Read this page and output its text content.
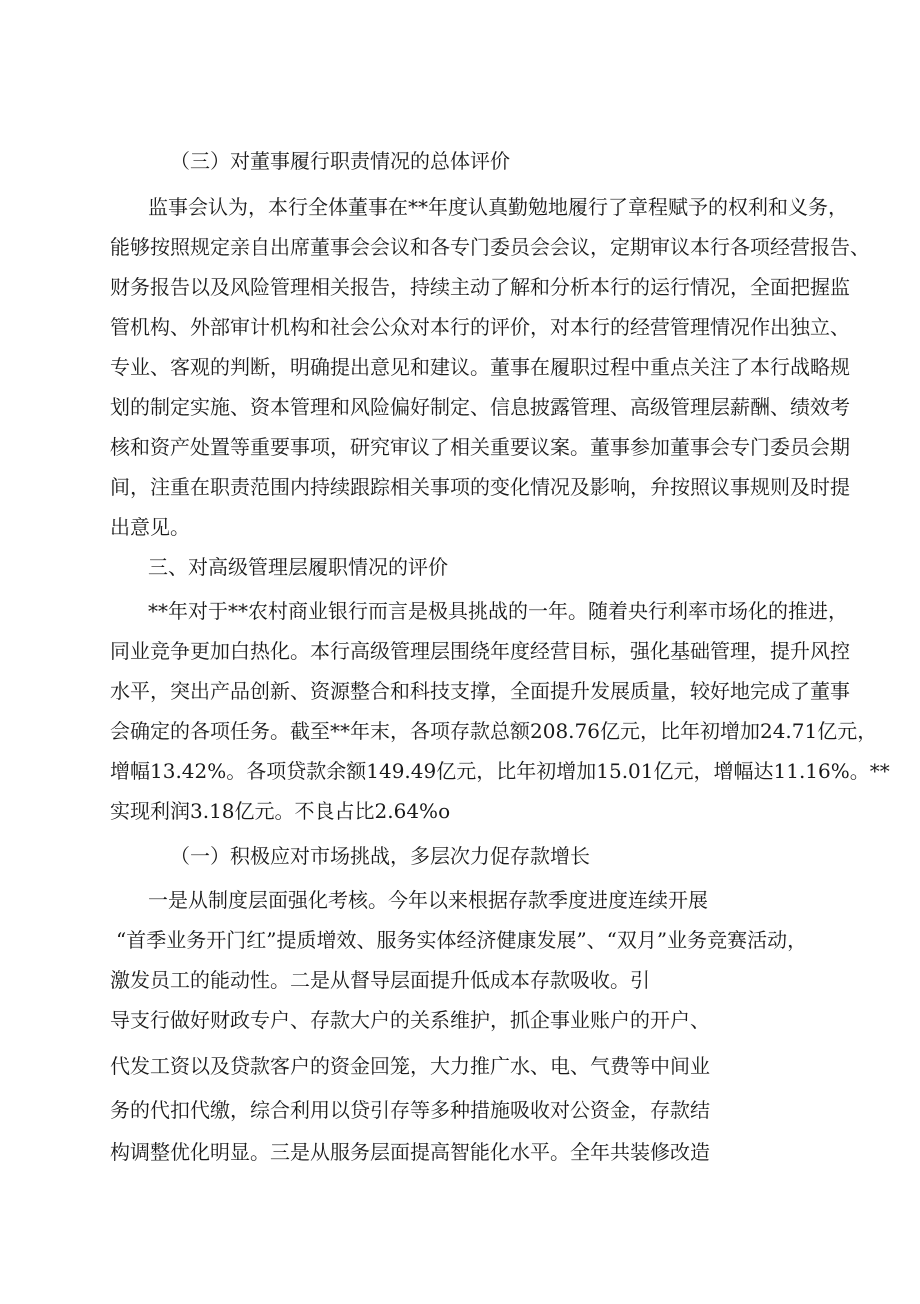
（三）对董事履行职责情况的总体评价
监事会认为，本行全体董事在**年度认真勤勉地履行了章程赋予的权利和义务，
能够按照规定亲自出席董事会会议和各专门委员会会议，定期审议本行各项经营报告、
财务报告以及风险管理相关报告，持续主动了解和分析本行的运行情况，全面把握监
管机构、外部审计机构和社会公众对本行的评价，对本行的经营管理情况作出独立、
专业、客观的判断，明确提出意见和建议。董事在履职过程中重点关注了本行战略规
划的制定实施、资本管理和风险偏好制定、信息披露管理、高级管理层薪酬、绩效考
核和资产处置等重要事项，研究审议了相关重要议案。董事参加董事会专门委员会期
间，注重在职责范围内持续跟踪相关事项的变化情况及影响，弁按照议事规则及时提
出意见。
三、对高级管理层履职情况的评价
**年对于**农村商业银行而言是极具挑战的一年。随着央行利率市场化的推进，
同业竞争更加白热化。本行高级管理层围绕年度经营目标，强化基础管理，提升风控
水平，突出产品创新、资源整合和科技支撑，全面提升发展质量，较好地完成了董事
会确定的各项任务。截至**年末，各项存款总额208.76亿元，比年初增加24.71亿元，
增幅13.42%。各项贷款余额149.49亿元，比年初增加15.01亿元，增幅达11.16%。**
实现利润3.18亿元。不良占比2.64%o
（一）积极应对市场挑战，多层次力促存款增长
一是从制度层面强化考核。今年以来根据存款季度进度连续开展
“首季业务开门红”提质增效、服务实体经济健康发展”、“双月”业务竞赛活动，
激发员工的能动性。二是从督导层面提升低成本存款吸收。引
导支行做好财政专户、存款大户的关系维护，抓企事业账户的开户、
代发工资以及贷款客户的资金回笼，大力推广水、电、气费等中间业
务的代扣代缴，综合利用以贷引存等多种措施吸收对公资金，存款结
构调整优化明显。三是从服务层面提高智能化水平。全年共装修改造
